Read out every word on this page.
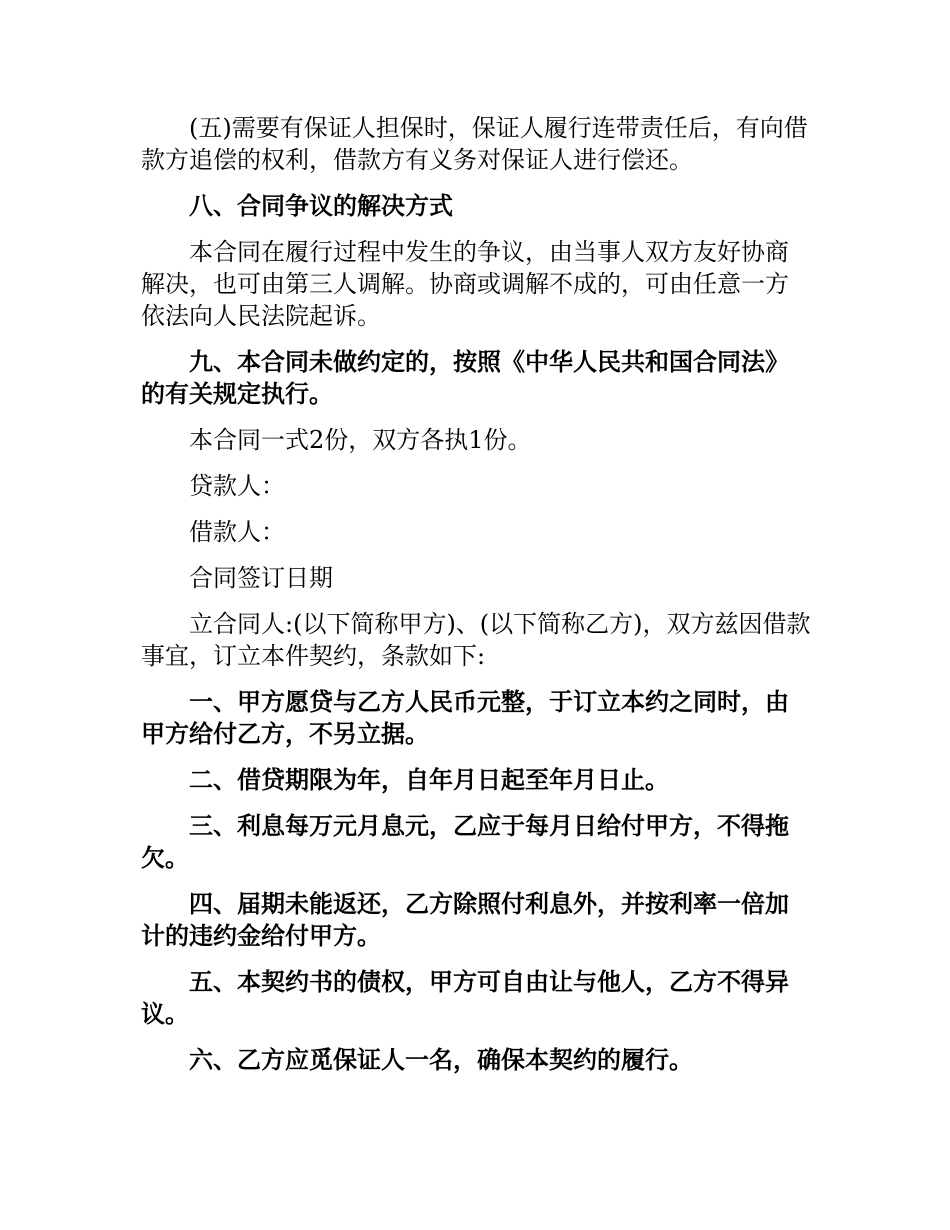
(五)需要有保证人担保时，保证人履行连带责任后，有向借款方追偿的权利，借款方有义务对保证人进行偿还。

八、合同争议的解决方式

本合同在履行过程中发生的争议，由当事人双方友好协商解决，也可由第三人调解。协商或调解不成的，可由任意一方依法向人民法院起诉。

九、本合同未做约定的，按照《中华人民共和国合同法》的有关规定执行。

本合同一式2份，双方各执1份。

贷款人：

借款人：

合同签订日期

立合同人:(以下简称甲方)、(以下简称乙方)，双方兹因借款事宜，订立本件契约，条款如下:

一、甲方愿贷与乙方人民币元整，于订立本约之同时，由甲方给付乙方，不另立据。

二、借贷期限为年，自年月日起至年月日止。

三、利息每万元月息元，乙应于每月日给付甲方，不得拖欠。

四、届期未能返还，乙方除照付利息外，并按利率一倍加计的违约金给付甲方。

五、本契约书的债权，甲方可自由让与他人，乙方不得异议。

六、乙方应觅保证人一名，确保本契约的履行。
